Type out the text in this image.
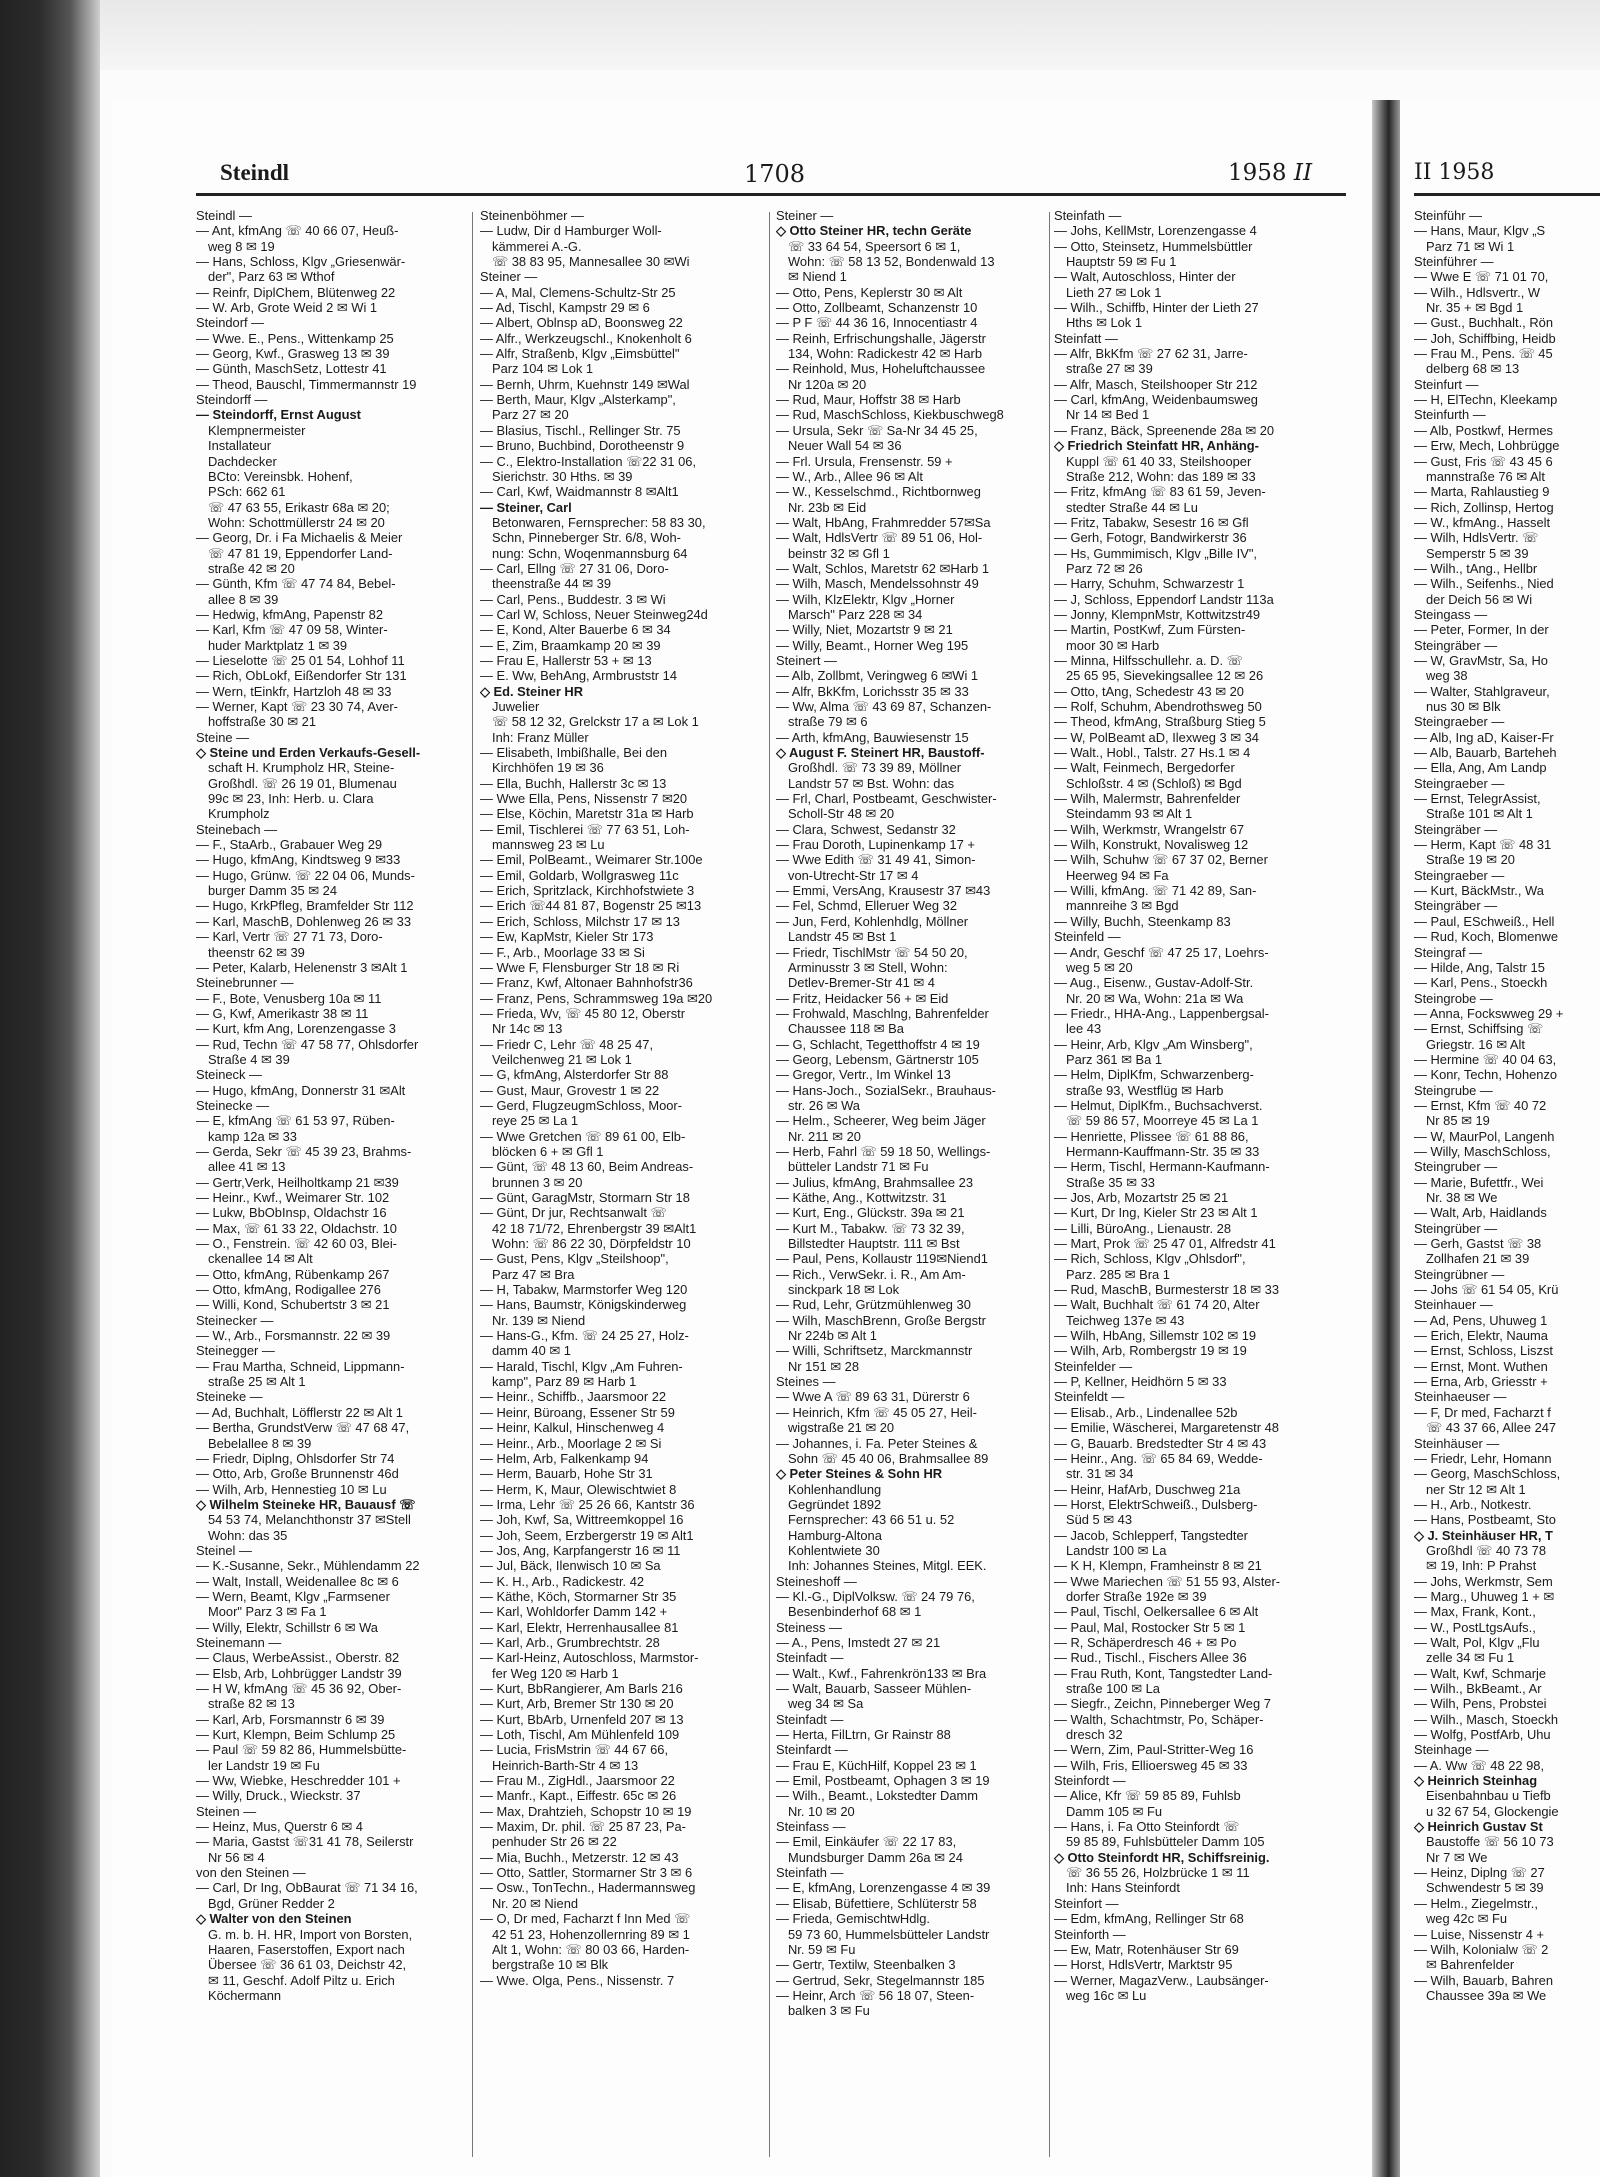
Steindl	1708	1958 II	II 1958
Steindl —
— Ant, kfmAng ☏ 40 66 07, Heuß-
weg 8 ✉ 19
— Hans, Schloss, Klgv „Griesenwär-
der", Parz 63 ✉ Wthof
— Reinfr, DiplChem, Blütenweg 22
— W. Arb, Grote Weid 2 ✉ Wi 1
Steindorf —
— Wwe. E., Pens., Wittenkamp 25
— Georg, Kwf., Grasweg 13 ✉ 39
— Günth, MaschSetz, Lottestr 41
— Theod, Bauschl, Timmermannstr 19
Steindorff —
— Steindorff, Ernst August
Klempnermeister
Installateur
Dachdecker
BCto: Vereinsbk. Hohenf,
PSch: 662 61
☏ 47 63 55, Erikastr 68a ✉ 20;
Wohn: Schottmüllerstr 24 ✉ 20
— Georg, Dr. i Fa Michaelis & Meier
☏ 47 81 19, Eppendorfer Land-
straße 42 ✉ 20
— Günth, Kfm ☏ 47 74 84, Bebel-
allee 8 ✉ 39
— Hedwig, kfmAng, Papenstr 82
— Karl, Kfm ☏ 47 09 58, Winter-
huder Marktplatz 1 ✉ 39
— Lieselotte ☏ 25 01 54, Lohhof 11
— Rich, ObLokf, Eißendorfer Str 131
— Wern, tEinkfr, Hartzloh 48 ✉ 33
— Werner, Kapt ☏ 23 30 74, Aver-
hoffstraße 30 ✉ 21
Steine —
◇ Steine und Erden Verkaufs-Gesell-
schaft H. Krumpholz HR, Steine-
Großhdl. ☏ 26 19 01, Blumenau
99c ✉ 23, Inh: Herb. u. Clara
Krumpholz
Steinebach —
— F., StaArb., Grabauer Weg 29
— Hugo, kfmAng, Kindtsweg 9 ✉33
— Hugo, Grünw. ☏ 22 04 06, Munds-
burger Damm 35 ✉ 24
— Hugo, KrkPfleg, Bramfelder Str 112
— Karl, MaschB, Dohlenweg 26 ✉ 33
— Karl, Vertr ☏ 27 71 73, Doro-
theenstr 62 ✉ 39
— Peter, Kalarb, Helenenstr 3 ✉Alt 1
Steinebrunner —
— F., Bote, Venusberg 10a ✉ 11
— G, Kwf, Amerikastr 38 ✉ 11
— Kurt, kfm Ang, Lorenzengasse 3
— Rud, Techn ☏ 47 58 77, Ohlsdorfer
Straße 4 ✉ 39
Steineck —
— Hugo, kfmAng, Donnerstr 31 ✉Alt
Steinecke —
— E, kfmAng ☏ 61 53 97, Rüben-
kamp 12a ✉ 33
— Gerda, Sekr ☏ 45 39 23, Brahms-
allee 41 ✉ 13
— Gertr,Verk, Heilholtkamp 21 ✉39
— Heinr., Kwf., Weimarer Str. 102
— Lukw, BbObInsp, Oldachstr 16
— Max, ☏ 61 33 22, Oldachstr. 10
— O., Fenstrein. ☏ 42 60 03, Blei-
ckenallee 14 ✉ Alt
— Otto, kfmAng, Rübenkamp 267
— Otto, kfmAng, Rodigallee 276
— Willi, Kond, Schubertstr 3 ✉ 21
Steinecker —
— W., Arb., Forsmannstr. 22 ✉ 39
Steinegger —
— Frau Martha, Schneid, Lippmann-
straße 25 ✉ Alt 1
Steineke —
— Ad, Buchhalt, Löfflerstr 22 ✉ Alt 1
— Bertha, GrundstVerw ☏ 47 68 47,
Bebelallee 8 ✉ 39
— Friedr, Diplng, Ohlsdorfer Str 74
— Otto, Arb, Große Brunnenstr 46d
— Wilh, Arb, Hennestieg 10 ✉ Lu
◇ Wilhelm Steineke HR, Bauausf ☏
54 53 74, Melanchthonstr 37 ✉Stell
Wohn: das 35
Steinel —
— K.-Susanne, Sekr., Mühlendamm 22
— Walt, Install, Weidenallee 8c ✉ 6
— Wern, Beamt, Klgv „Farmsener
Moor" Parz 3 ✉ Fa 1
— Willy, Elektr, Schillstr 6 ✉ Wa
Steinemann —
— Claus, WerbeAssist., Oberstr. 82
— Elsb, Arb, Lohbrügger Landstr 39
— H W, kfmAng ☏ 45 36 92, Ober-
straße 82 ✉ 13
— Karl, Arb, Forsmannstr 6 ✉ 39
— Kurt, Klempn, Beim Schlump 25
— Paul ☏ 59 82 86, Hummelsbütte-
ler Landstr 19 ✉ Fu
— Ww, Wiebke, Heschredder 101 +
— Willy, Druck., Wieckstr. 37
Steinen —
— Heinz, Mus, Querstr 6 ✉ 4
— Maria, Gastst ☏31 41 78, Seilerstr
Nr 56 ✉ 4
von den Steinen —
— Carl, Dr Ing, ObBaurat ☏ 71 34 16,
Bgd, Grüner Redder 2
◇ Walter von den Steinen
G. m. b. H. HR, Import von Borsten,
Haaren, Faserstoffen, Export nach
Übersee ☏ 36 61 03, Deichstr 42,
✉ 11, Geschf. Adolf Piltz u. Erich
Köchermann
Steinenböhmer —
— Ludw, Dir d Hamburger Woll-
kämmerei A.-G.
☏ 38 83 95, Mannesallee 30 ✉Wi
Steiner —
— A, Mal, Clemens-Schultz-Str 25
— Ad, Tischl, Kampstr 29 ✉ 6
— Albert, Oblnsp aD, Boonsweg 22
— Alfr., Werkzeugschl., Knokenholt 6
— Alfr, Straßenb, Klgv „Eimsbüttel"
Parz 104 ✉ Lok 1
— Bernh, Uhrm, Kuehnstr 149 ✉Wal
— Berth, Maur, Klgv „Alsterkamp",
Parz 27 ✉ 20
— Blasius, Tischl., Rellinger Str. 75
— Bruno, Buchbind, Dorotheenstr 9
— C., Elektro-Installation ☏22 31 06,
Sierichstr. 30 Hths. ✉ 39
— Carl, Kwf, Waidmannstr 8 ✉Alt1
— Steiner, Carl
Betonwaren, Fernsprecher: 58 83 30,
Schn, Pinneberger Str. 6/8, Woh-
nung: Schn, Woqenmannsburg 64
— Carl, Ellng ☏ 27 31 06, Doro-
theenstraße 44 ✉ 39
— Carl, Pens., Buddestr. 3 ✉ Wi
— Carl W, Schloss, Neuer Steinweg24d
— E, Kond, Alter Bauerbe 6 ✉ 34
— E, Zim, Braamkamp 20 ✉ 39
— Frau E, Hallerstr 53 + ✉ 13
— E. Ww, BehAng, Armbruststr 14
◇ Ed. Steiner HR
Juwelier
☏ 58 12 32, Grelckstr 17 a ✉ Lok 1
Inh: Franz Müller
— Elisabeth, Imbißhalle, Bei den
Kirchhöfen 19 ✉ 36
— Ella, Buchh, Hallerstr 3c ✉ 13
— Wwe Ella, Pens, Nissenstr 7 ✉20
— Else, Köchin, Maretstr 31a ✉ Harb
— Emil, Tischlerei ☏ 77 63 51, Loh-
mannsweg 23 ✉ Lu
— Emil, PolBeamt., Weimarer Str.100e
— Emil, Goldarb, Wollgrasweg 11c
— Erich, Spritzlack, Kirchhofstwiete 3
— Erich ☏44 81 87, Bogenstr 25 ✉13
— Erich, Schloss, Milchstr 17 ✉ 13
— Ew, KapMstr, Kieler Str 173
— F., Arb., Moorlage 33 ✉ Si
— Wwe F, Flensburger Str 18 ✉ Ri
— Franz, Kwf, Altonaer Bahnhofstr36
— Franz, Pens, Schrammsweg 19a ✉20
— Frieda, Wv, ☏ 45 80 12, Oberstr
Nr 14c ✉ 13
— Friedr C, Lehr ☏ 48 25 47,
Veilchenweg 21 ✉ Lok 1
— G, kfmAng, Alsterdorfer Str 88
— Gust, Maur, Grovestr 1 ✉ 22
— Gerd, FlugzeugmSchloss, Moor-
reye 25 ✉ La 1
— Wwe Gretchen ☏ 89 61 00, Elb-
blöcken 6 + ✉ Gfl 1
— Günt, ☏ 48 13 60, Beim Andreas-
brunnen 3 ✉ 20
— Günt, GaragMstr, Stormarn Str 18
— Günt, Dr jur, Rechtsanwalt ☏
42 18 71/72, Ehrenbergstr 39 ✉Alt1
Wohn: ☏ 86 22 30, Dörpfeldstr 10
— Gust, Pens, Klgv „Steilshoop",
Parz 47 ✉ Bra
— H, Tabakw, Marmstorfer Weg 120
— Hans, Baumstr, Königskinderweg
Nr. 139 ✉ Niend
— Hans-G., Kfm. ☏ 24 25 27, Holz-
damm 40 ✉ 1
— Harald, Tischl, Klgv „Am Fuhren-
kamp", Parz 89 ✉ Harb 1
— Heinr., Schiffb., Jaarsmoor 22
— Heinr, Büroang, Essener Str 59
— Heinr, Kalkul, Hinschenweg 4
— Heinr., Arb., Moorlage 2 ✉ Si
— Helm, Arb, Falkenkamp 94
— Herm, Bauarb, Hohe Str 31
— Herm, K, Maur, Olewischtwiet 8
— Irma, Lehr ☏ 25 26 66, Kantstr 36
— Joh, Kwf, Sa, Wittreemkoppel 16
— Joh, Seem, Erzbergerstr 19 ✉ Alt1
— Jos, Ang, Karpfangerstr 16 ✉ 11
— Jul, Bäck, Ilenwisch 10 ✉ Sa
— K. H., Arb., Radickestr. 42
— Käthe, Köch, Stormarner Str 35
— Karl, Wohldorfer Damm 142 +
— Karl, Elektr, Herrenhausallee 81
— Karl, Arb., Grumbrechtstr. 28
— Karl-Heinz, Autoschloss, Marmstor-
fer Weg 120 ✉ Harb 1
— Kurt, BbRangierer, Am Barls 216
— Kurt, Arb, Bremer Str 130 ✉ 20
— Kurt, BbArb, Urnenfeld 207 ✉ 13
— Loth, Tischl, Am Mühlenfeld 109
— Lucia, FrisMstrin ☏ 44 67 66,
Heinrich-Barth-Str 4 ✉ 13
— Frau M., ZigHdl., Jaarsmoor 22
— Manfr., Kapt., Eiffestr. 65c ✉ 26
— Max, Drahtzieh, Schopstr 10 ✉ 19
— Maxim, Dr. phil. ☏ 25 87 23, Pa-
penhuder Str 26 ✉ 22
— Mia, Buchh., Metzerstr. 12 ✉ 43
— Otto, Sattler, Stormarner Str 3 ✉ 6
— Osw., TonTechn., Hadermannsweg
Nr. 20 ✉ Niend
— O, Dr med, Facharzt f Inn Med ☏
42 51 23, Hohenzollernring 89 ✉ 1
Alt 1, Wohn: ☏ 80 03 66, Harden-
bergstraße 10 ✉ Blk
— Wwe. Olga, Pens., Nissenstr. 7
Steiner —
◇ Otto Steiner HR, techn Geräte
☏ 33 64 54, Speersort 6 ✉ 1,
Wohn: ☏ 58 13 52, Bondenwald 13
✉ Niend 1
— Otto, Pens, Keplerstr 30 ✉ Alt
— Otto, Zollbeamt, Schanzenstr 10
— P F ☏ 44 36 16, Innocentiastr 4
— Reinh, Erfrischungshalle, Jägerstr
134, Wohn: Radickestr 42 ✉ Harb
— Reinhold, Mus, Hoheluftchaussee
Nr 120a ✉ 20
— Rud, Maur, Hoffstr 38 ✉ Harb
— Rud, MaschSchloss, Kiekbuschweg8
— Ursula, Sekr ☏ Sa-Nr 34 45 25,
Neuer Wall 54 ✉ 36
— Frl. Ursula, Frensenstr. 59 +
— W., Arb., Allee 96 ✉ Alt
— W., Kesselschmd., Richtbornweg
Nr. 23b ✉ Eid
— Walt, HbAng, Frahmredder 57✉Sa
— Walt, HdlsVertr ☏ 89 51 06, Hol-
beinstr 32 ✉ Gfl 1
— Walt, Schlos, Maretstr 62 ✉Harb 1
— Wilh, Masch, Mendelssohnstr 49
— Wilh, KlzElektr, Klgv „Horner
Marsch" Parz 228 ✉ 34
— Willy, Niet, Mozartstr 9 ✉ 21
— Willy, Beamt., Horner Weg 195
Steinert —
— Alb, Zollbmt, Veringweg 6 ✉Wi 1
— Alfr, BkKfm, Lorichsstr 35 ✉ 33
— Ww, Alma ☏ 43 69 87, Schanzen-
straße 79 ✉ 6
— Arth, kfmAng, Bauwiesenstr 15
◇ August F. Steinert HR, Baustoff-
Großhdl. ☏ 73 39 89, Möllner
Landstr 57 ✉ Bst. Wohn: das
— Frl, Charl, Postbeamt, Geschwister-
Scholl-Str 48 ✉ 20
— Clara, Schwest, Sedanstr 32
— Frau Doroth, Lupinenkamp 17 +
— Wwe Edith ☏ 31 49 41, Simon-
von-Utrecht-Str 17 ✉ 4
— Emmi, VersAng, Krausestr 37 ✉43
— Fel, Schmd, Elleruer Weg 32
— Jun, Ferd, Kohlenhdlg, Möllner
Landstr 45 ✉ Bst 1
— Friedr, TischlMstr ☏ 54 50 20,
Arminusstr 3 ✉ Stell, Wohn:
Detlev-Bremer-Str 41 ✉ 4
— Fritz, Heidacker 56 + ✉ Eid
— Frohwald, Maschlng, Bahrenfelder
Chaussee 118 ✉ Ba
— G, Schlacht, Tegetthoffstr 4 ✉ 19
— Georg, Lebensm, Gärtnerstr 105
— Gregor, Vertr., Im Winkel 13
— Hans-Joch., SozialSekr., Brauhaus-
str. 26 ✉ Wa
— Helm., Scheerer, Weg beim Jäger
Nr. 211 ✉ 20
— Herb, Fahrl ☏ 59 18 50, Wellings-
bütteler Landstr 71 ✉ Fu
— Julius, kfmAng, Brahmsallee 23
— Käthe, Ang., Kottwitzstr. 31
— Kurt, Eng., Glückstr. 39a ✉ 21
— Kurt M., Tabakw. ☏ 73 32 39,
Billstedter Hauptstr. 111 ✉ Bst
— Paul, Pens, Kollaustr 119✉Niend1
— Rich., VerwSekr. i. R., Am Am-
sinckpark 18 ✉ Lok
— Rud, Lehr, Grützmühlenweg 30
— Wilh, MaschBrenn, Große Bergstr
Nr 224b ✉ Alt 1
— Willi, Schriftsetz, Marckmannstr
Nr 151 ✉ 28
Steines —
— Wwe A ☏ 89 63 31, Dürerstr 6
— Heinrich, Kfm ☏ 45 05 27, Heil-
wigstraße 21 ✉ 20
— Johannes, i. Fa. Peter Steines &
Sohn ☏ 45 40 06, Brahmsallee 89
◇ Peter Steines & Sohn HR
Kohlenhandlung
Gegründet 1892
Fernsprecher: 43 66 51 u. 52
Hamburg-Altona
Kohlentwiete 30
Inh: Johannes Steines, Mitgl. EEK.
Steineshoff —
— Kl.-G., DiplVolksw. ☏ 24 79 76,
Besenbinderhof 68 ✉ 1
Steiness —
— A., Pens, Imstedt 27 ✉ 21
Steinfadt —
— Walt., Kwf., Fahrenkrön133 ✉ Bra
— Walt, Bauarb, Sasseer Mühlen-
weg 34 ✉ Sa
Steinfadt —
— Herta, FilLtrn, Gr Rainstr 88
Steinfardt —
— Frau E, KüchHilf, Koppel 23 ✉ 1
— Emil, Postbeamt, Ophagen 3 ✉ 19
— Wilh., Beamt., Lokstedter Damm
Nr. 10 ✉ 20
Steinfass —
— Emil, Einkäufer ☏ 22 17 83,
Mundsburger Damm 26a ✉ 24
Steinfath —
— E, kfmAng, Lorenzengasse 4 ✉ 39
— Elisab, Büfettiere, Schlüterstr 58
— Frieda, GemischtwHdlg.
59 73 60, Hummelsbütteler Landstr
Nr. 59 ✉ Fu
— Gertr, Textilw, Steenbalken 3
— Gertrud, Sekr, Stegelmannstr 185
— Heinr, Arch ☏ 56 18 07, Steen-
balken 3 ✉ Fu
Steinfath —
— Johs, KellMstr, Lorenzengasse 4
— Otto, Steinsetz, Hummelsbüttler
Hauptstr 59 ✉ Fu 1
— Walt, Autoschloss, Hinter der
Lieth 27 ✉ Lok 1
— Wilh., Schiffb, Hinter der Lieth 27
Hths ✉ Lok 1
Steinfatt —
— Alfr, BkKfm ☏ 27 62 31, Jarre-
straße 27 ✉ 39
— Alfr, Masch, Steilshooper Str 212
— Carl, kfmAng, Weidenbaumsweg
Nr 14 ✉ Bed 1
— Franz, Bäck, Spreenende 28a ✉ 20
◇ Friedrich Steinfatt HR, Anhäng-
Kuppl ☏ 61 40 33, Steilshooper
Straße 212, Wohn: das 189 ✉ 33
— Fritz, kfmAng ☏ 83 61 59, Jeven-
stedter Straße 44 ✉ Lu
— Fritz, Tabakw, Sesestr 16 ✉ Gfl
— Gerh, Fotogr, Bandwirkerstr 36
— Hs, Gummimisch, Klgv „Bille IV",
Parz 72 ✉ 26
— Harry, Schuhm, Schwarzestr 1
— J, Schloss, Eppendorf Landstr 113a
— Jonny, KlempnMstr, Kottwitzstr49
— Martin, PostKwf, Zum Fürsten-
moor 30 ✉ Harb
— Minna, Hilfsschullehr. a. D. ☏
25 65 95, Sievekingsallee 12 ✉ 26
— Otto, tAng, Schedestr 43 ✉ 20
— Rolf, Schuhm, Abendrothsweg 50
— Theod, kfmAng, Straßburg Stieg 5
— W, PolBeamt aD, Ilexweg 3 ✉ 34
— Walt., Hobl., Talstr. 27 Hs.1 ✉ 4
— Walt, Feinmech, Bergedorfer
Schloßstr. 4 ✉ (Schloß) ✉ Bgd
— Wilh, Malermstr, Bahrenfelder
Steindamm 93 ✉ Alt 1
— Wilh, Werkmstr, Wrangelstr 67
— Wilh, Konstrukt, Novalisweg 12
— Wilh, Schuhw ☏ 67 37 02, Berner
Heerweg 94 ✉ Fa
— Willi, kfmAng. ☏ 71 42 89, San-
mannreihe 3 ✉ Bgd
— Willy, Buchh, Steenkamp 83
Steinfeld —
— Andr, Geschf ☏ 47 25 17, Loehrs-
weg 5 ✉ 20
— Aug., Eisenw., Gustav-Adolf-Str.
Nr. 20 ✉ Wa, Wohn: 21a ✉ Wa
— Friedr., HHA-Ang., Lappenbergsal-
lee 43
— Heinr, Arb, Klgv „Am Winsberg",
Parz 361 ✉ Ba 1
— Helm, DiplKfm, Schwarzenberg-
straße 93, Westflüg ✉ Harb
— Helmut, DiplKfm., Buchsachverst.
☏ 59 86 57, Moorreye 45 ✉ La 1
— Henriette, Plissee ☏ 61 88 86,
Hermann-Kauffmann-Str. 35 ✉ 33
— Herm, Tischl, Hermann-Kaufmann-
Straße 35 ✉ 33
— Jos, Arb, Mozartstr 25 ✉ 21
— Kurt, Dr Ing, Kieler Str 23 ✉ Alt 1
— Lilli, BüroAng., Lienaustr. 28
— Mart, Prok ☏ 25 47 01, Alfredstr 41
— Rich, Schloss, Klgv „Ohlsdorf",
Parz. 285 ✉ Bra 1
— Rud, MaschB, Burmesterstr 18 ✉ 33
— Walt, Buchhalt ☏ 61 74 20, Alter
Teichweg 137e ✉ 43
— Wilh, HbAng, Sillemstr 102 ✉ 19
— Wilh, Arb, Rombergstr 19 ✉ 19
Steinfelder —
— P, Kellner, Heidhörn 5 ✉ 33
Steinfeldt —
— Elisab., Arb., Lindenallee 52b
— Emilie, Wäscherei, Margaretenstr 48
— G, Bauarb. Bredstedter Str 4 ✉ 43
— Heinr., Ang. ☏ 65 84 69, Wedde-
str. 31 ✉ 34
— Heinr, HafArb, Duschweg 21a
— Horst, ElektrSchweiß., Dulsberg-
Süd 5 ✉ 43
— Jacob, Schlepperf, Tangstedter
Landstr 100 ✉ La
— K H, Klempn, Framheinstr 8 ✉ 21
— Wwe Mariechen ☏ 51 55 93, Alster-
dorfer Straße 192e ✉ 39
— Paul, Tischl, Oelkersallee 6 ✉ Alt
— Paul, Mal, Rostocker Str 5 ✉ 1
— R, Schäperdresch 46 + ✉ Po
— Rud., Tischl., Fischers Allee 36
— Frau Ruth, Kont, Tangstedter Land-
straße 100 ✉ La
— Siegfr., Zeichn, Pinneberger Weg 7
— Walth, Schachtmstr, Po, Schäper-
dresch 32
— Wern, Zim, Paul-Stritter-Weg 16
— Wilh, Fris, Ellioersweg 45 ✉ 33
Steinfordt —
— Alice, Kfr ☏ 59 85 89, Fuhlsb
Damm 105 ✉ Fu
— Hans, i. Fa Otto Steinfordt ☏
59 85 89, Fuhlsbütteler Damm 105
◇ Otto Steinfordt HR, Schiffsreinig.
☏ 36 55 26, Holzbrücke 1 ✉ 11
Inh: Hans Steinfordt
Steinfort —
— Edm, kfmAng, Rellinger Str 68
Steinforth —
— Ew, Matr, Rotenhäuser Str 69
— Horst, HdlsVertr, Marktstr 95
— Werner, MagazVerw., Laubsänger-
weg 16c ✉ Lu
Steinführ —
— Hans, Maur, Klgv „S
Parz 71 ✉ Wi 1
Steinführer —
— Wwe E ☏ 71 01 70,
— Wilh., Hdlsvertr., W
Nr. 35 + ✉ Bgd 1
— Gust., Buchhalt., Rön
— Joh, Schiffbing, Heidb
— Frau M., Pens. ☏ 45
delberg 68 ✉ 13
Steinfurt —
— H, ElTechn, Kleekamp
Steinfurth —
— Alb, Postkwf, Hermes
— Erw, Mech, Lohbrügge
— Gust, Fris ☏ 43 45 6
mannstraße 76 ✉ Alt
— Marta, Rahlaustieg 9
— Rich, Zollinsp, Hertog
— W., kfmAng., Hasselt
— Wilh, HdlsVertr. ☏
Semperstr 5 ✉ 39
— Wilh., tAng., Hellbr
— Wilh., Seifenhs., Nied
der Deich 56 ✉ Wi
Steingass —
— Peter, Former, In der
Steingräber —
— W, GravMstr, Sa, Ho
weg 38
— Walter, Stahlgraveur,
nus 30 ✉ Blk
Steingraeber —
— Alb, Ing aD, Kaiser-Fr
— Alb, Bauarb, Barteheh
— Ella, Ang, Am Landp
Steingraeber —
— Ernst, TelegrAssist,
Straße 101 ✉ Alt 1
Steingräber —
— Herm, Kapt ☏ 48 31
Straße 19 ✉ 20
Steingraeber —
— Kurt, BäckMstr., Wa
Steingräber —
— Paul, ESchweiß., Hell
— Rud, Koch, Blomenwe
Steingraf —
— Hilde, Ang, Talstr 15
— Karl, Pens., Stoeckh
Steingrobe —
— Anna, Fockswweg 29 +
— Ernst, Schiffsing ☏
Griegstr. 16 ✉ Alt
— Hermine ☏ 40 04 63,
— Konr, Techn, Hohenzo
Steingrube —
— Ernst, Kfm ☏ 40 72
Nr 85 ✉ 19
— W, MaurPol, Langenh
— Willy, MaschSchloss,
Steingruber —
— Marie, Bufettfr., Wei
Nr. 38 ✉ We
— Walt, Arb, Haidlands
Steingrüber —
— Gerh, Gastst ☏ 38
Zollhafen 21 ✉ 39
Steingrübner —
— Johs ☏ 61 54 05, Krü
Steinhauer —
— Ad, Pens, Uhuweg 1
— Erich, Elektr, Nauma
— Ernst, Schloss, Liszst
— Ernst, Mont. Wuthen
— Erna, Arb, Griesstr +
Steinhaeuser —
— F, Dr med, Facharzt f
☏ 43 37 66, Allee 247
Steinhäuser —
— Friedr, Lehr, Homann
— Georg, MaschSchloss,
ner Str 12 ✉ Alt 1
— H., Arb., Notkestr.
— Hans, Postbeamt, Sto
◇ J. Steinhäuser HR, T
Großhdl ☏ 40 73 78
✉ 19, Inh: P Prahst
— Johs, Werkmstr, Sem
— Marg., Uhuweg 1 + ✉
— Max, Frank, Kont.,
— W., PostLtgsAufs.,
— Walt, Pol, Klgv „Flu
zelle 34 ✉ Fu 1
— Walt, Kwf, Schmarje
— Wilh., BkBeamt., Ar
— Wilh, Pens, Probstei
— Wilh., Masch, Stoeckh
— Wolfg, PostfArb, Uhu
Steinhage —
— A. Ww ☏ 48 22 98,
◇ Heinrich Steinhag
Eisenbahnbau u Tiefb
u 32 67 54, Glockengie
◇ Heinrich Gustav St
Baustoffe ☏ 56 10 73
Nr 7 ✉ We
— Heinz, Diplng ☏ 27
Schwendestr 5 ✉ 39
— Helm., Ziegelmstr.,
weg 42c ✉ Fu
— Luise, Nissenstr 4 +
— Wilh, Kolonialw ☏ 2
✉ Bahrenfelder
— Wilh, Bauarb, Bahren
Chaussee 39a ✉ We
